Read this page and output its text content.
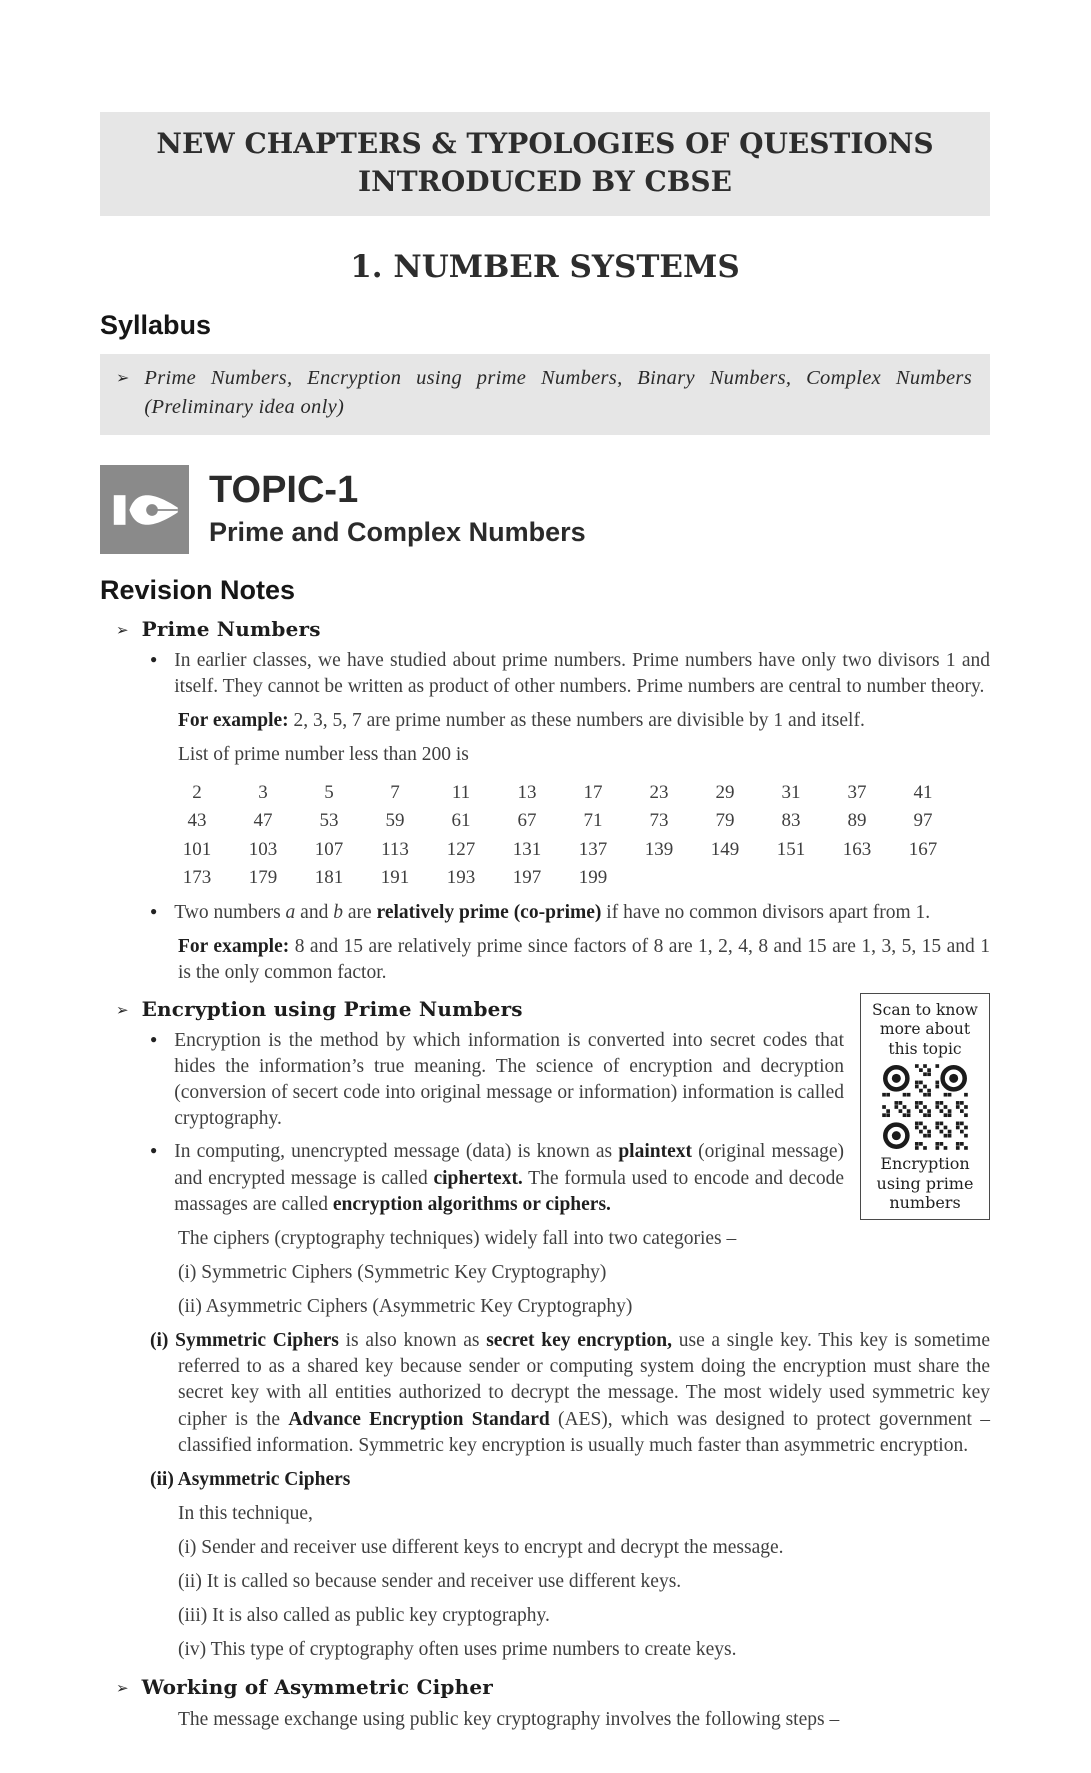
NEW CHAPTERS & TYPOLOGIES OF QUESTIONS
INTRODUCED BY CBSE
1. NUMBER SYSTEMS
Syllabus
➢ Prime Numbers, Encryption using prime Numbers, Binary Numbers, Complex Numbers (Preliminary idea only)
TOPIC-1
Prime and Complex Numbers
Revision Notes
➢ Prime Numbers
● In earlier classes, we have studied about prime numbers. Prime numbers have only two divisors 1 and itself. They cannot be written as product of other numbers. Prime numbers are central to number theory.
For example: 2, 3, 5, 7 are prime number as these numbers are divisible by 1 and itself.
List of prime number less than 200 is
2	3	5	7	11	13	17	23	29	31	37	41
43	47	53	59	61	67	71	73	79	83	89	97
101	103	107	113	127	131	137	139	149	151	163	167
173	179	181	191	193	197	199
● Two numbers a and b are relatively prime (co-prime) if have no common divisors apart from 1.
For example: 8 and 15 are relatively prime since factors of 8 are 1, 2, 4, 8 and 15 are 1, 3, 5, 15 and 1 is the only common factor.
Scan to know more about this topic
Encryption using prime numbers
➢ Encryption using Prime Numbers
● Encryption is the method by which information is converted into secret codes that hides the information’s true meaning. The science of encryption and decryption (conversion of secert code into original message or information) information is called cryptography.
● In computing, unencrypted message (data) is known as plaintext (original message) and encrypted message is called ciphertext. The formula used to encode and decode massages are called encryption algorithms or ciphers.
The ciphers (cryptography techniques) widely fall into two categories –
(i) Symmetric Ciphers (Symmetric Key Cryptography)
(ii) Asymmetric Ciphers (Asymmetric Key Cryptography)
(i) Symmetric Ciphers is also known as secret key encryption, use a single key. This key is sometime referred to as a shared key because sender or computing system doing the encryption must share the secret key with all entities authorized to decrypt the message. The most widely used symmetric key cipher is the Advance Encryption Standard (AES), which was designed to protect government – classified information. Symmetric key encryption is usually much faster than asymmetric encryption.
(ii) Asymmetric Ciphers
In this technique,
(i) Sender and receiver use different keys to encrypt and decrypt the message.
(ii) It is called so because sender and receiver use different keys.
(iii) It is also called as public key cryptography.
(iv) This type of cryptography often uses prime numbers to create keys.
➢ Working of Asymmetric Cipher
The message exchange using public key cryptography involves the following steps –
